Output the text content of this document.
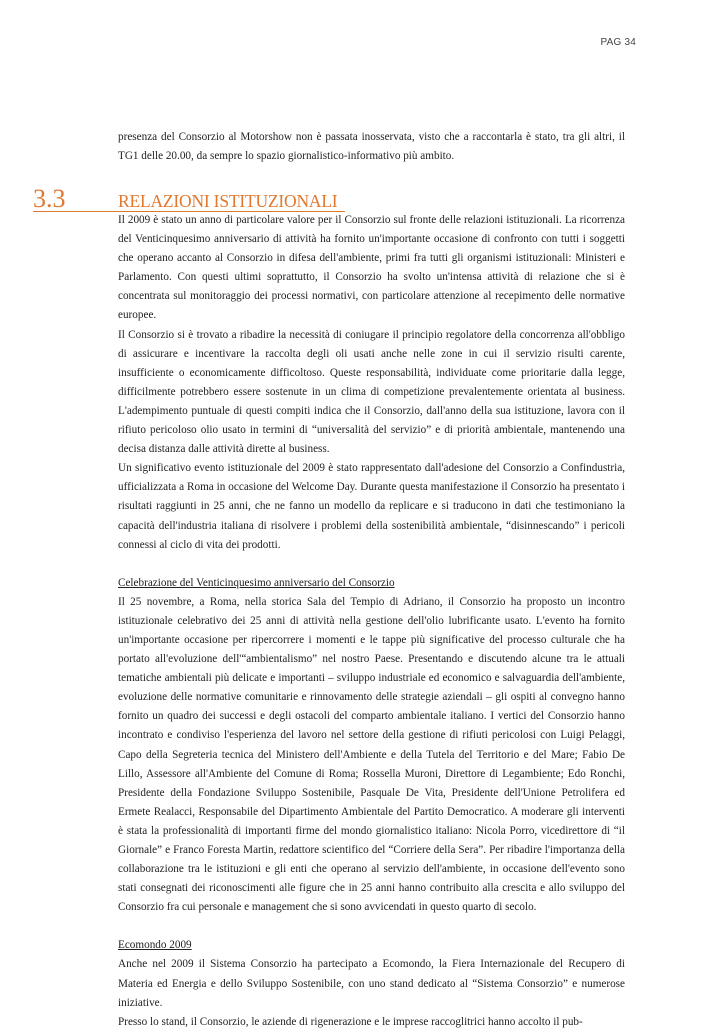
PAG 34

presenza del Consorzio al Motorshow non è passata inosservata, visto che a raccontarla è stato, tra gli altri, il TG1 delle 20.00, da sempre lo spazio giornalistico-informativo più ambito.

3.3	RELAZIONI ISTITUZIONALI

Il 2009 è stato un anno di particolare valore per il Consorzio sul fronte delle relazioni istituzionali. La ricorrenza del Venticinquesimo anniversario di attività ha fornito un'importante occasione di confronto con tutti i soggetti che operano accanto al Consorzio in difesa dell'ambiente, primi fra tutti gli organismi istituzionali: Ministeri e Parlamento. Con questi ultimi soprattutto, il Consorzio ha svolto un'intensa attività di relazione che si è concentrata sul monitoraggio dei processi normativi, con particolare attenzione al recepimento delle normative europee.

Il Consorzio si è trovato a ribadire la necessità di coniugare il principio regolatore della concorrenza all'obbligo di assicurare e incentivare la raccolta degli oli usati anche nelle zone in cui il servizio risulti carente, insufficiente o economicamente difficoltoso. Queste responsabilità, individuate come prioritarie dalla legge, difficilmente potrebbero essere sostenute in un clima di competizione prevalentemente orientata al business. L'adempimento puntuale di questi compiti indica che il Consorzio, dall'anno della sua istituzione, lavora con il rifiuto pericoloso olio usato in termini di “universalità del servizio” e di priorità ambientale, mantenendo una decisa distanza dalle attività dirette al business.

Un significativo evento istituzionale del 2009 è stato rappresentato dall'adesione del Consorzio a Confindustria, ufficializzata a Roma in occasione del Welcome Day. Durante questa manifestazione il Consorzio ha presentato i risultati raggiunti in 25 anni, che ne fanno un modello da replicare e si traducono in dati che testimoniano la capacità dell'industria italiana di risolvere i problemi della sostenibilità ambientale, “disinnescando” i pericoli connessi al ciclo di vita dei prodotti.

Celebrazione del Venticinquesimo anniversario del Consorzio

Il 25 novembre, a Roma, nella storica Sala del Tempio di Adriano, il Consorzio ha proposto un incontro istituzionale celebrativo dei 25 anni di attività nella gestione dell'olio lubrificante usato. L'evento ha fornito un'importante occasione per ripercorrere i momenti e le tappe più significative del processo culturale che ha portato all'evoluzione dell'“ambientalismo” nel nostro Paese. Presentando e discutendo alcune tra le attuali tematiche ambientali più delicate e importanti – sviluppo industriale ed economico e salvaguardia dell'ambiente, evoluzione delle normative comunitarie e rinnovamento delle strategie aziendali – gli ospiti al convegno hanno fornito un quadro dei successi e degli ostacoli del comparto ambientale italiano. I vertici del Consorzio hanno incontrato e condiviso l'esperienza del lavoro nel settore della gestione di rifiuti pericolosi con Luigi Pelaggi, Capo della Segreteria tecnica del Ministero dell'Ambiente e della Tutela del Territorio e del Mare; Fabio De Lillo, Assessore all'Ambiente del Comune di Roma; Rossella Muroni, Direttore di Legambiente; Edo Ronchi, Presidente della Fondazione Sviluppo Sostenibile, Pasquale De Vita, Presidente dell'Unione Petrolifera ed Ermete Realacci, Responsabile del Dipartimento Ambientale del Partito Democratico. A moderare gli interventi è stata la professionalità di importanti firme del mondo giornalistico italiano: Nicola Porro, vicedirettore di “il Giornale” e Franco Foresta Martin, redattore scientifico del “Corriere della Sera”. Per ribadire l'importanza della collaborazione tra le istituzioni e gli enti che operano al servizio dell'ambiente, in occasione dell'evento sono stati consegnati dei riconoscimenti alle figure che in 25 anni hanno contribuito alla crescita e allo sviluppo del Consorzio fra cui personale e management che si sono avvicendati in questo quarto di secolo.

Ecomondo 2009

Anche nel 2009 il Sistema Consorzio ha partecipato a Ecomondo, la Fiera Internazionale del Recupero di Materia ed Energia e dello Sviluppo Sostenibile, con uno stand dedicato al “Sistema Consorzio” e numerose iniziative.

Presso lo stand, il Consorzio, le aziende di rigenerazione e le imprese raccoglitrici hanno accolto il pub-
